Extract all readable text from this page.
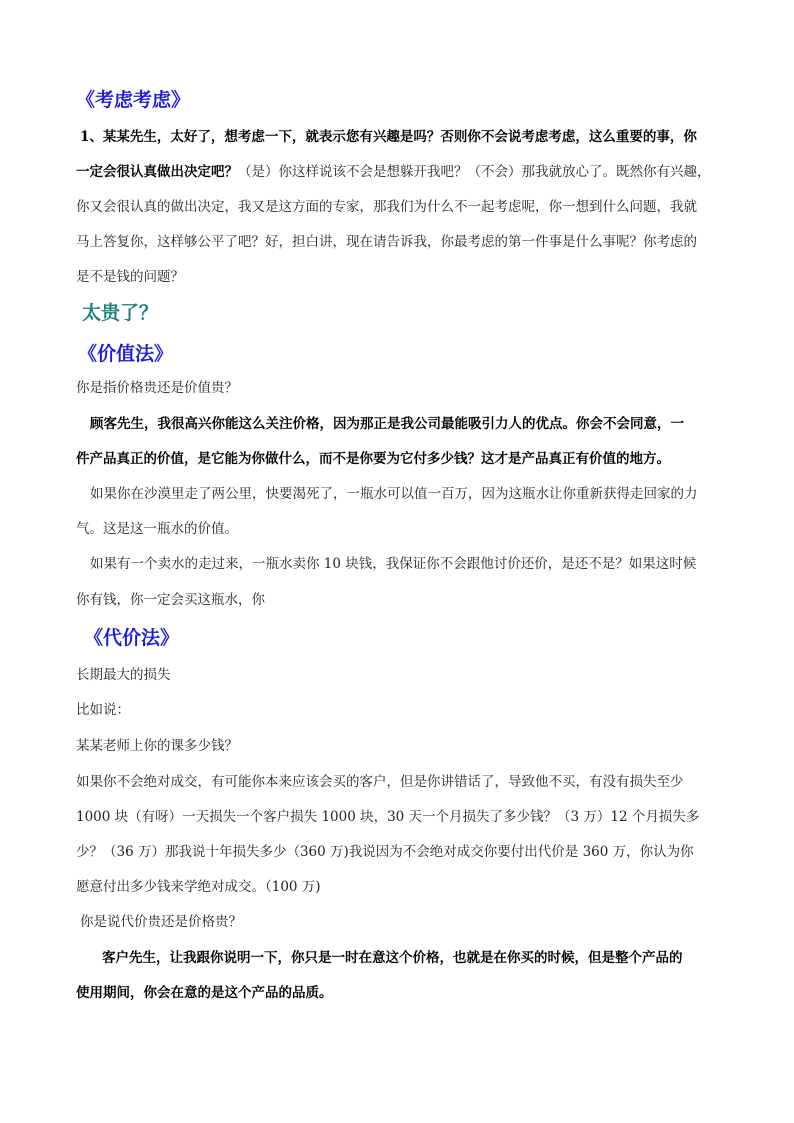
《考虑考虑》
1、某某先生，太好了，想考虑一下，就表示您有兴趣是吗？否则你不会说考虑考虑，这么重要的事，你
一定会很认真做出决定吧？（是）你这样说该不会是想躲开我吧？（不会）那我就放心了。既然你有兴趣，
你又会很认真的做出决定，我又是这方面的专家，那我们为什么不一起考虑呢，你一想到什么问题，我就
马上答复你，这样够公平了吧？好，担白讲，现在请告诉我，你最考虑的第一件事是什么事呢？你考虑的
是不是钱的问题？
太贵了？
《价值法》
你是指价格贵还是价值贵？
顾客先生，我很高兴你能这么关注价格，因为那正是我公司最能吸引力人的优点。你会不会同意，一
件产品真正的价值，是它能为你做什么，而不是你要为它付多少钱？这才是产品真正有价值的地方。
如果你在沙漠里走了两公里，快要渴死了，一瓶水可以值一百万，因为这瓶水让你重新获得走回家的力
气。这是这一瓶水的价值。
如果有一个卖水的走过来，一瓶水卖你 10 块钱，我保证你不会跟他讨价还价，是还不是？如果这时候
你有钱，你一定会买这瓶水，你
《代价法》
长期最大的损失
比如说：
某某老师上你的课多少钱？
如果你不会绝对成交，有可能你本来应该会买的客户，但是你讲错话了，导致他不买，有没有损失至少
1000 块（有呀）一天损失一个客户损失 1000 块，30 天一个月损失了多少钱？（3 万）12 个月损失多
少？（36 万）那我说十年损失多少（360 万)我说因为不会绝对成交你要付出代价是 360 万，你认为你
愿意付出多少钱来学绝对成交。（100 万)
你是说代价贵还是价格贵？
客户先生，让我跟你说明一下，你只是一时在意这个价格，也就是在你买的时候，但是整个产品的
使用期间，你会在意的是这个产品的品质。
